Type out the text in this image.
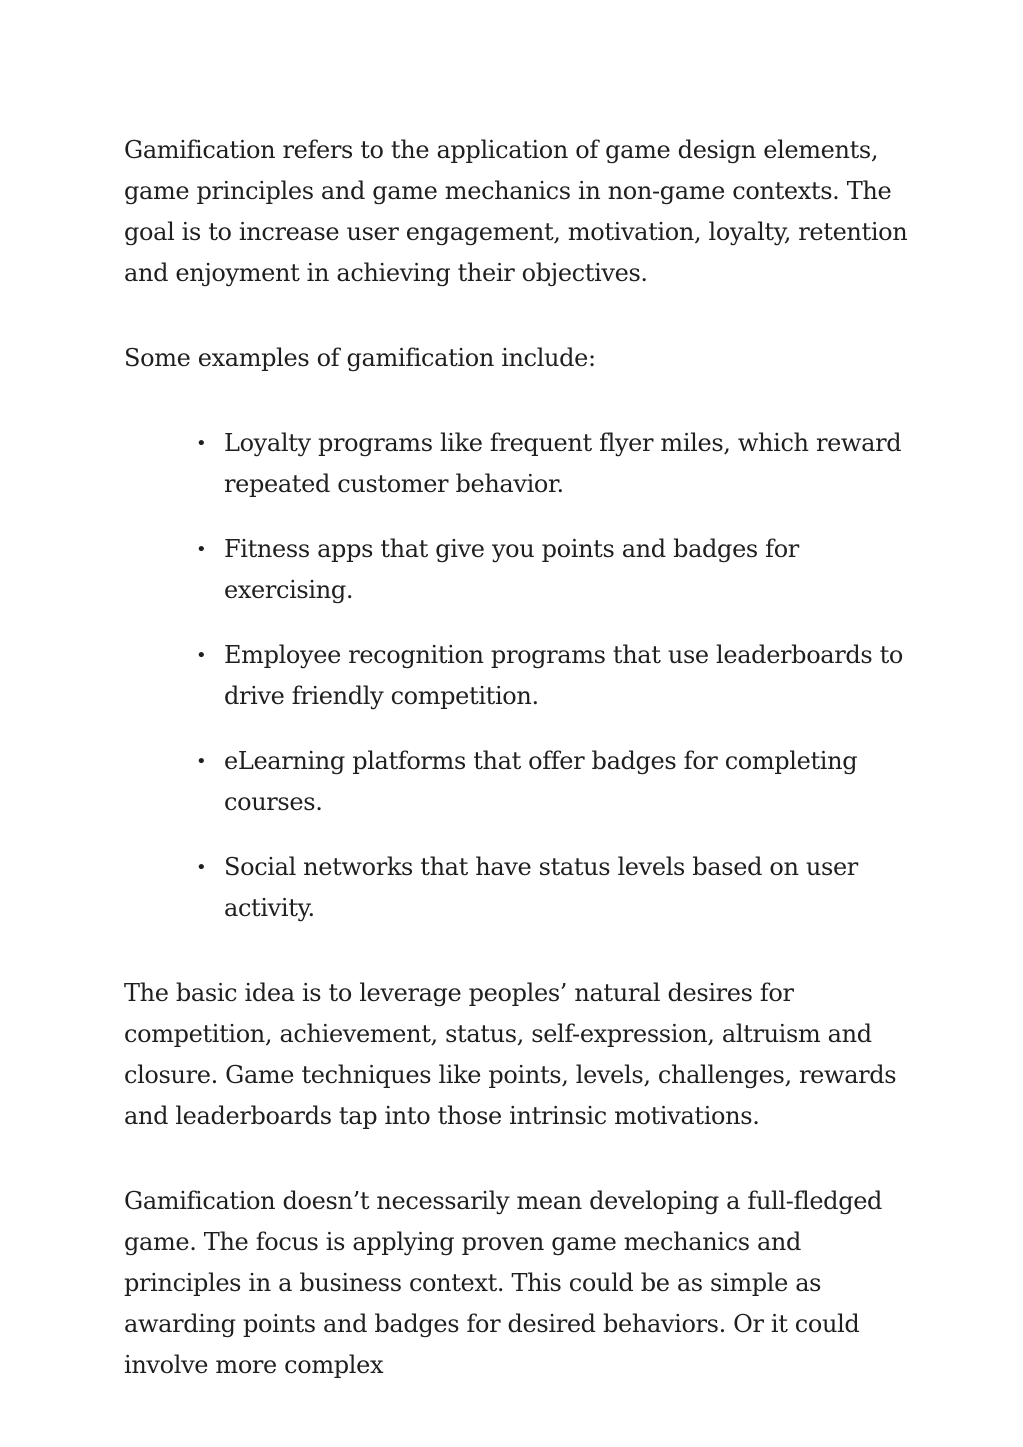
Gamification refers to the application of game design elements, game principles and game mechanics in non-game contexts. The goal is to increase user engagement, motivation, loyalty, retention and enjoyment in achieving their objectives.

Some examples of gamification include:

• Loyalty programs like frequent flyer miles, which reward repeated customer behavior.
• Fitness apps that give you points and badges for exercising.
• Employee recognition programs that use leaderboards to drive friendly competition.
• eLearning platforms that offer badges for completing courses.
• Social networks that have status levels based on user activity.

The basic idea is to leverage peoples’ natural desires for competition, achievement, status, self-expression, altruism and closure. Game techniques like points, levels, challenges, rewards and leaderboards tap into those intrinsic motivations.

Gamification doesn’t necessarily mean developing a full-fledged game. The focus is applying proven game mechanics and principles in a business context. This could be as simple as awarding points and badges for desired behaviors. Or it could involve more complex
